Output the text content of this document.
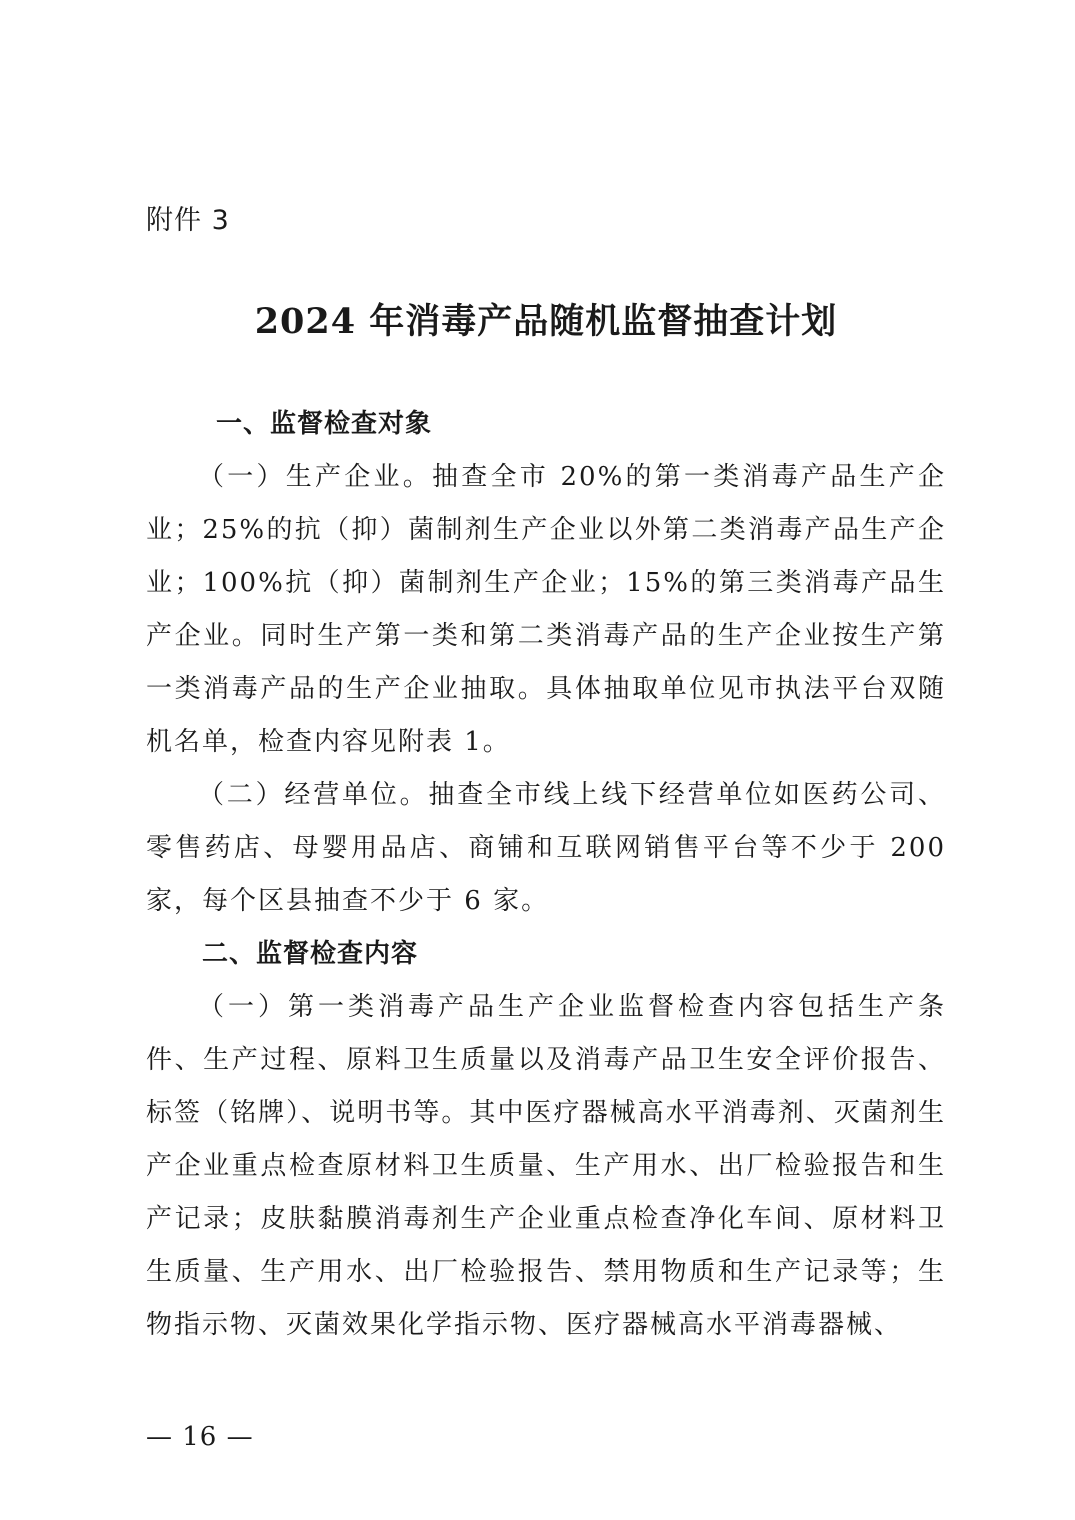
附件 3
2024 年消毒产品随机监督抽查计划

一、监督检查对象

（一）生产企业。抽查全市 20%的第一类消毒产品生产企业；25%的抗（抑）菌制剂生产企业以外第二类消毒产品生产企业；100%抗（抑）菌制剂生产企业；15%的第三类消毒产品生产企业。同时生产第一类和第二类消毒产品的生产企业按生产第一类消毒产品的生产企业抽取。具体抽取单位见市执法平台双随机名单，检查内容见附表 1。

（二）经营单位。抽查全市线上线下经营单位如医药公司、零售药店、母婴用品店、商铺和互联网销售平台等不少于 200 家，每个区县抽查不少于 6 家。

二、监督检查内容

（一）第一类消毒产品生产企业监督检查内容包括生产条件、生产过程、原料卫生质量以及消毒产品卫生安全评价报告、标签（铭牌）、说明书等。其中医疗器械高水平消毒剂、灭菌剂生产企业重点检查原材料卫生质量、生产用水、出厂检验报告和生产记录；皮肤黏膜消毒剂生产企业重点检查净化车间、原材料卫生质量、生产用水、出厂检验报告、禁用物质和生产记录等；生物指示物、灭菌效果化学指示物、医疗器械高水平消毒器械、

— 16 —
